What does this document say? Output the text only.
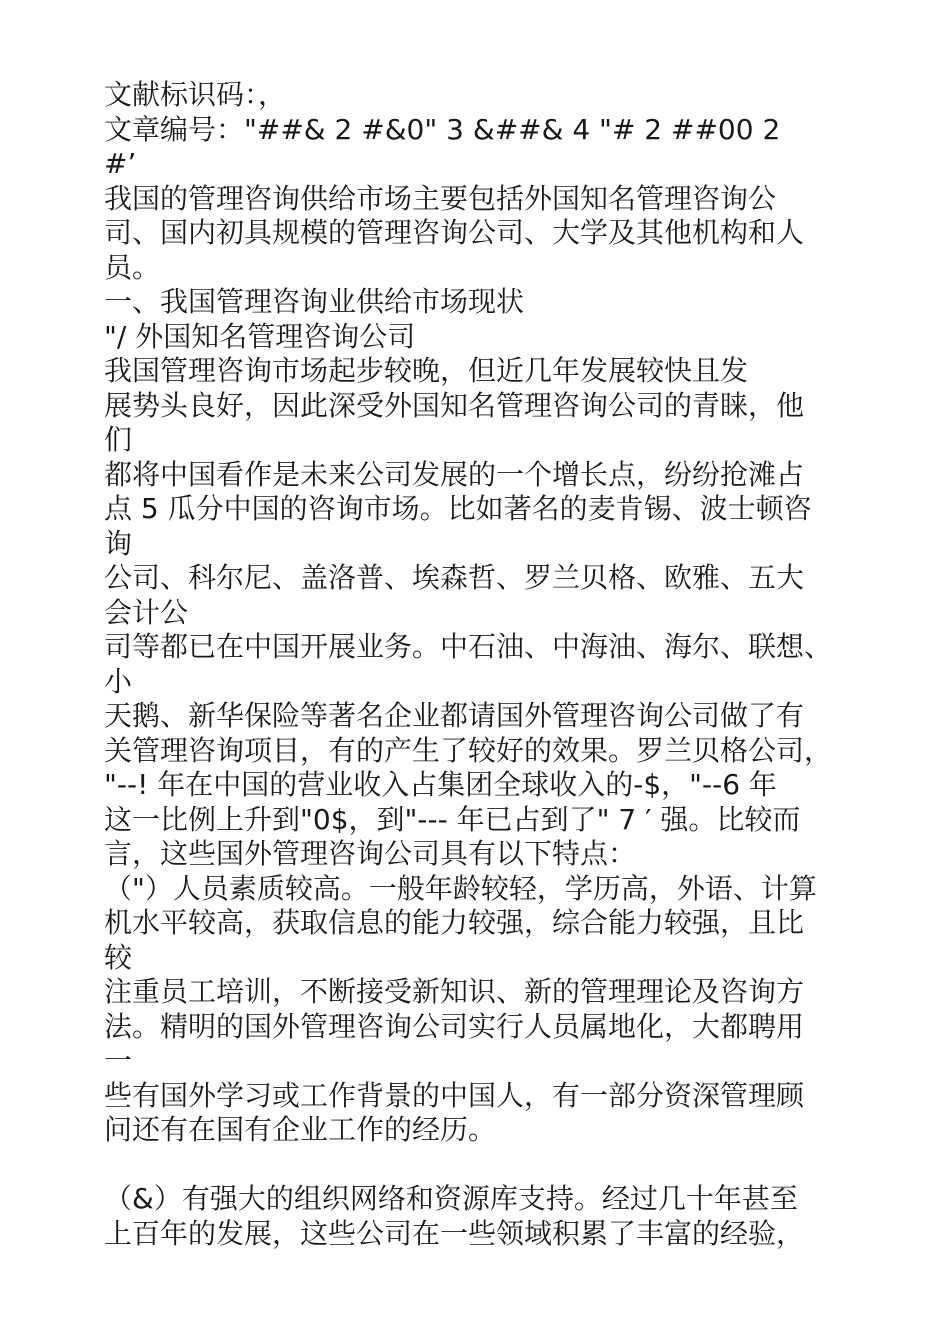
文献标识码：，
文章编号："##& 2 #&0" 3 &##& 4 "# 2 ##00 2
#’
我国的管理咨询供给市场主要包括外国知名管理咨询公
司、国内初具规模的管理咨询公司、大学及其他机构和人
员。
一、我国管理咨询业供给市场现状
"/ 外国知名管理咨询公司
我国管理咨询市场起步较晚，但近几年发展较快且发
展势头良好，因此深受外国知名管理咨询公司的青睐，他
们
都将中国看作是未来公司发展的一个增长点，纷纷抢滩占
点 5 瓜分中国的咨询市场。比如著名的麦肯锡、波士顿咨
询
公司、科尔尼、盖洛普、埃森哲、罗兰贝格、欧雅、五大
会计公
司等都已在中国开展业务。中石油、中海油、海尔、联想、
小
天鹅、新华保险等著名企业都请国外管理咨询公司做了有
关管理咨询项目，有的产生了较好的效果。罗兰贝格公司，
"--! 年在中国的营业收入占集团全球收入的-$，"--6 年
这一比例上升到"0$，到"--- 年已占到了" 7 ′ 强。比较而
言，这些国外管理咨询公司具有以下特点：
（"）人员素质较高。一般年龄较轻，学历高，外语、计算
机水平较高，获取信息的能力较强，综合能力较强，且比
较
注重员工培训，不断接受新知识、新的管理理论及咨询方
法。精明的国外管理咨询公司实行人员属地化，大都聘用
一
些有国外学习或工作背景的中国人，有一部分资深管理顾
问还有在国有企业工作的经历。
（&）有强大的组织网络和资源库支持。经过几十年甚至
上百年的发展，这些公司在一些领域积累了丰富的经验，
